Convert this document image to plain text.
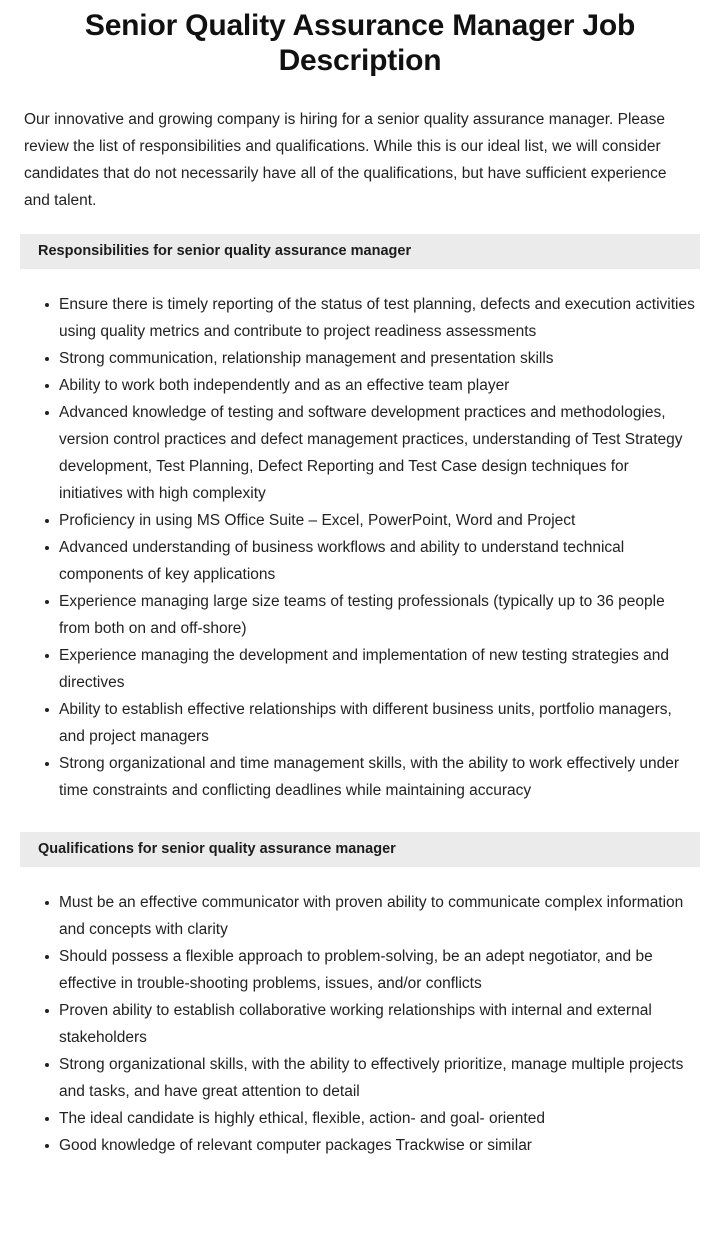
Senior Quality Assurance Manager Job Description

Our innovative and growing company is hiring for a senior quality assurance manager. Please review the list of responsibilities and qualifications. While this is our ideal list, we will consider candidates that do not necessarily have all of the qualifications, but have sufficient experience and talent.

Responsibilities for senior quality assurance manager
Ensure there is timely reporting of the status of test planning, defects and execution activities using quality metrics and contribute to project readiness assessments
Strong communication, relationship management and presentation skills
Ability to work both independently and as an effective team player
Advanced knowledge of testing and software development practices and methodologies, version control practices and defect management practices, understanding of Test Strategy development, Test Planning, Defect Reporting and Test Case design techniques for initiatives with high complexity
Proficiency in using MS Office Suite – Excel, PowerPoint, Word and Project
Advanced understanding of business workflows and ability to understand technical components of key applications
Experience managing large size teams of testing professionals (typically up to 36 people from both on and off-shore)
Experience managing the development and implementation of new testing strategies and directives
Ability to establish effective relationships with different business units, portfolio managers, and project managers
Strong organizational and time management skills, with the ability to work effectively under time constraints and conflicting deadlines while maintaining accuracy
Qualifications for senior quality assurance manager
Must be an effective communicator with proven ability to communicate complex information and concepts with clarity
Should possess a flexible approach to problem-solving, be an adept negotiator, and be effective in trouble-shooting problems, issues, and/or conflicts
Proven ability to establish collaborative working relationships with internal and external stakeholders
Strong organizational skills, with the ability to effectively prioritize, manage multiple projects and tasks, and have great attention to detail
The ideal candidate is highly ethical, flexible, action- and goal- oriented
Good knowledge of relevant computer packages Trackwise or similar
